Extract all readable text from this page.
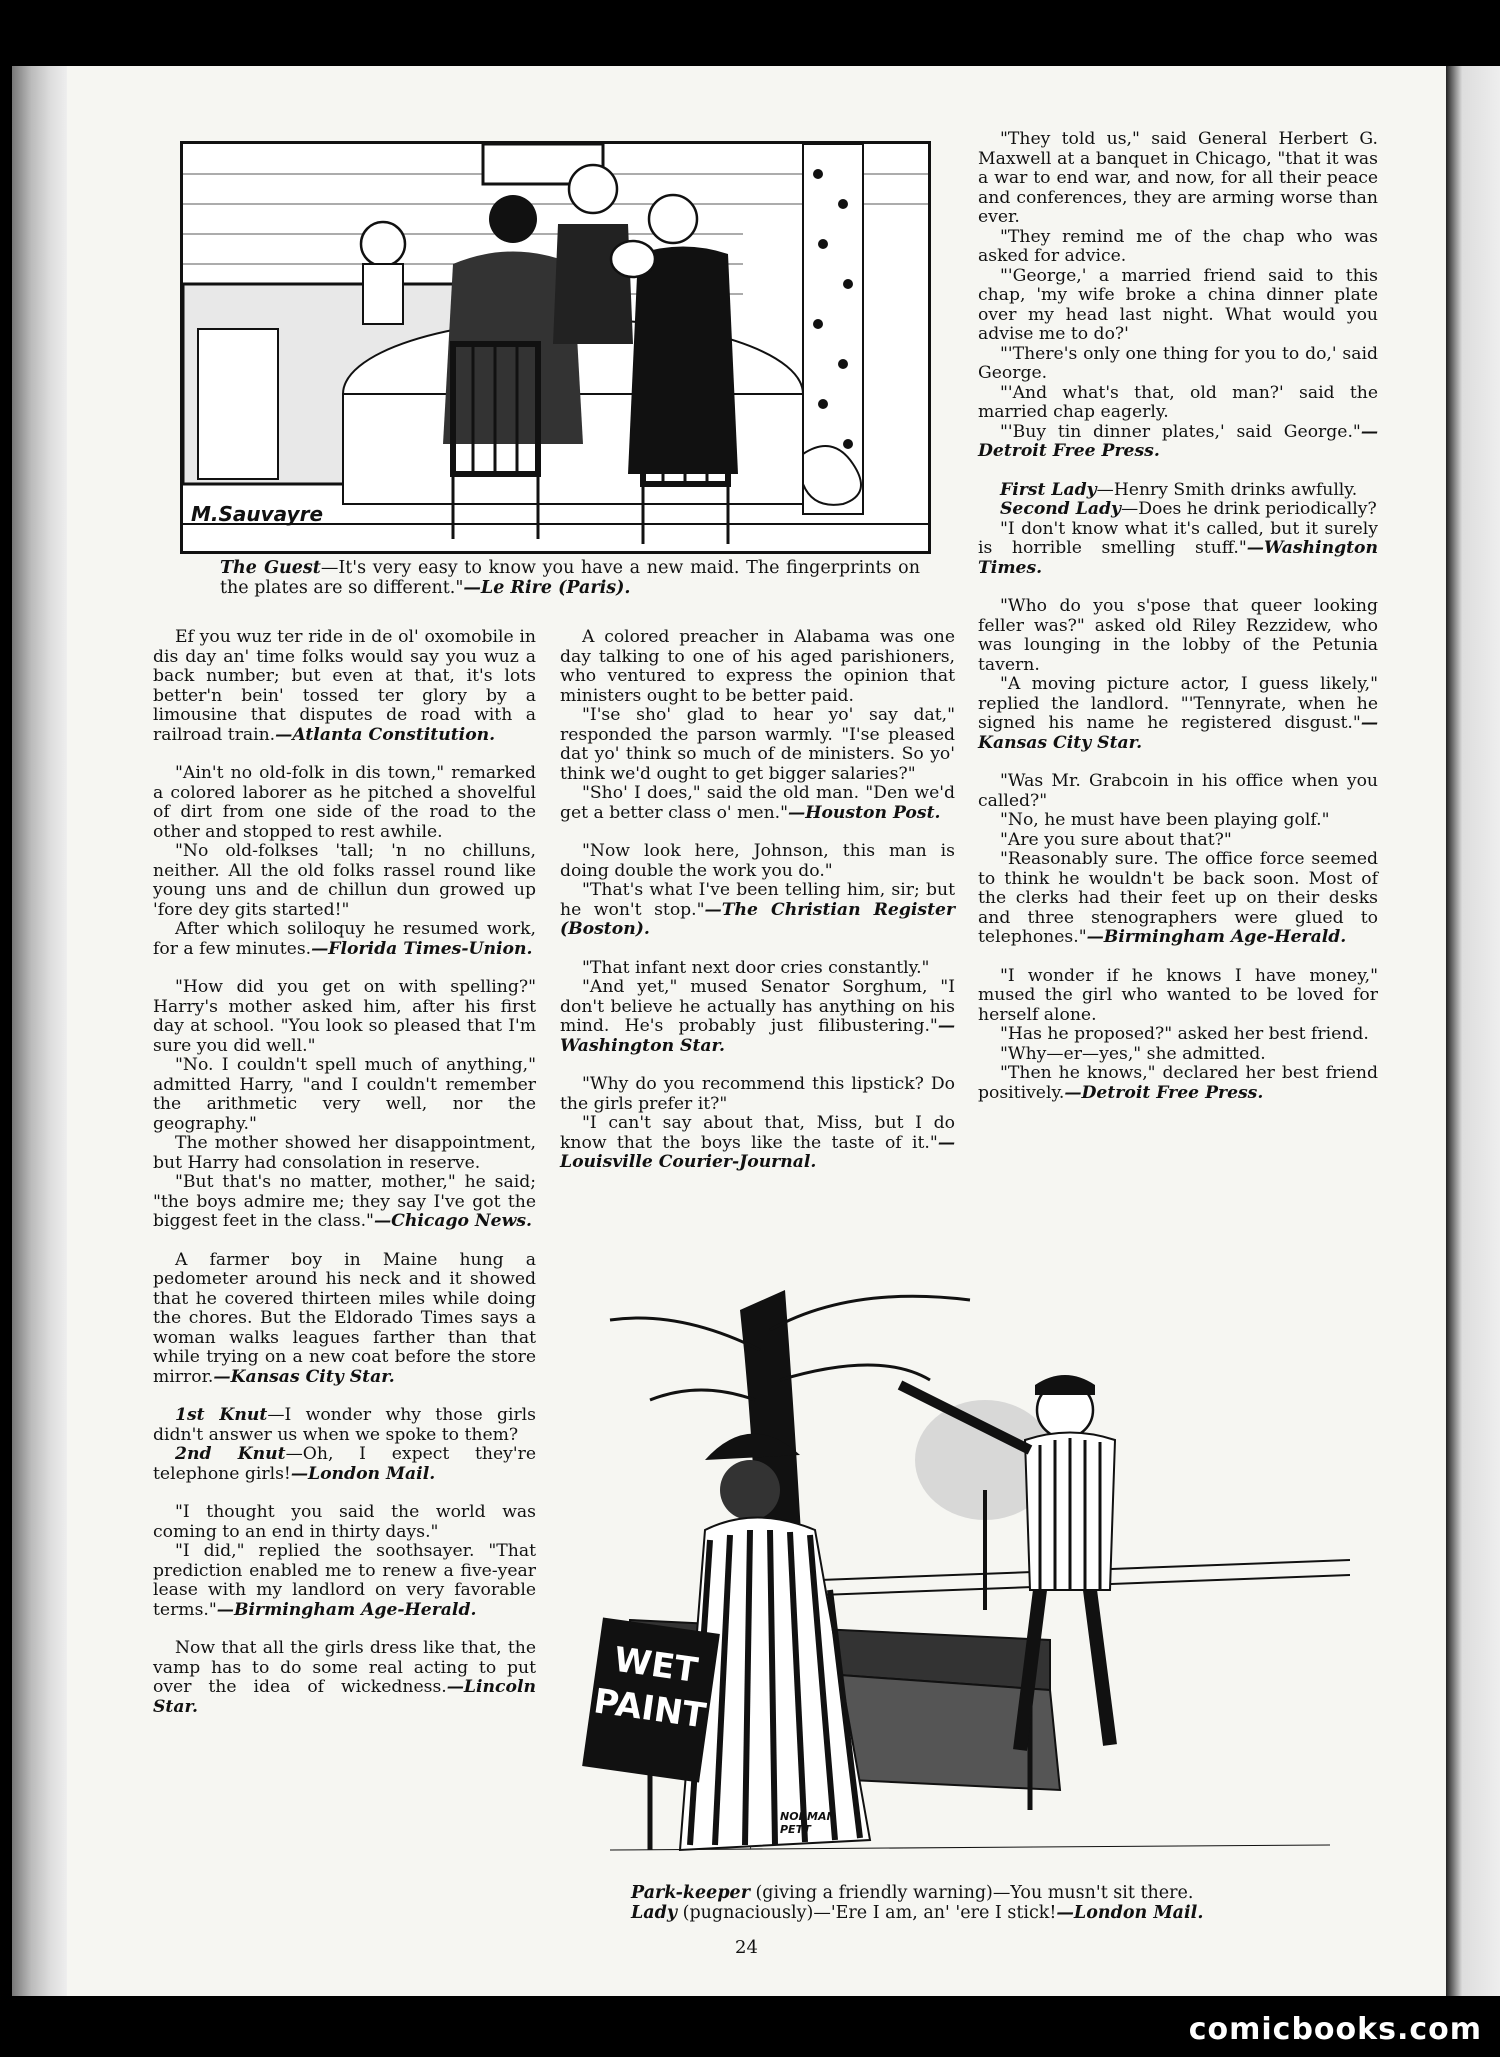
M.Sauvayre
The Guest—It's very easy to know you have a new maid. The fingerprints on the plates are so different."—Le Rire (Paris).

Ef you wuz ter ride in de ol' oxomobile in dis day an' time folks would say you wuz a back number; but even at that, it's lots better'n bein' tossed ter glory by a limousine that disputes de road with a railroad train.—Atlanta Constitution.

"Ain't no old-folk in dis town," remarked a colored laborer as he pitched a shovelful of dirt from one side of the road to the other and stopped to rest awhile.

"No old-folkses 'tall; 'n no chilluns, neither. All the old folks rassel round like young uns and de chillun dun growed up 'fore dey gits started!"

After which soliloquy he resumed work, for a few minutes.—Florida Times-Union.

"How did you get on with spelling?" Harry's mother asked him, after his first day at school. "You look so pleased that I'm sure you did well."

"No. I couldn't spell much of anything," admitted Harry, "and I couldn't remember the arithmetic very well, nor the geography."

The mother showed her disappointment, but Harry had consolation in reserve.

"But that's no matter, mother," he said; "the boys admire me; they say I've got the biggest feet in the class."—Chicago News.

A farmer boy in Maine hung a pedometer around his neck and it showed that he covered thirteen miles while doing the chores. But the Eldorado Times says a woman walks leagues farther than that while trying on a new coat before the store mirror.—Kansas City Star.

1st Knut—I wonder why those girls didn't answer us when we spoke to them?

2nd Knut—Oh, I expect they're telephone girls!—London Mail.

"I thought you said the world was coming to an end in thirty days."

"I did," replied the soothsayer. "That prediction enabled me to renew a five-year lease with my landlord on very favorable terms."—Birmingham Age-Herald.

Now that all the girls dress like that, the vamp has to do some real acting to put over the idea of wickedness.—Lincoln Star.

A colored preacher in Alabama was one day talking to one of his aged parishioners, who ventured to express the opinion that ministers ought to be better paid.

"I'se sho' glad to hear yo' say dat," responded the parson warmly. "I'se pleased dat yo' think so much of de ministers. So yo' think we'd ought to get bigger salaries?"

"Sho' I does," said the old man. "Den we'd get a better class o' men."—Houston Post.

"Now look here, Johnson, this man is doing double the work you do."

"That's what I've been telling him, sir; but he won't stop."—The Christian Register (Boston).

"That infant next door cries constantly."

"And yet," mused Senator Sorghum, "I don't believe he actually has anything on his mind. He's probably just filibustering."—Washington Star.

"Why do you recommend this lipstick? Do the girls prefer it?"

"I can't say about that, Miss, but I do know that the boys like the taste of it."—Louisville Courier-Journal.

"They told us," said General Herbert G. Maxwell at a banquet in Chicago, "that it was a war to end war, and now, for all their peace and conferences, they are arming worse than ever.

"They remind me of the chap who was asked for advice.

"'George,' a married friend said to this chap, 'my wife broke a china dinner plate over my head last night. What would you advise me to do?'

"'There's only one thing for you to do,' said George.

"'And what's that, old man?' said the married chap eagerly.

"'Buy tin dinner plates,' said George."—Detroit Free Press.

First Lady—Henry Smith drinks awfully.

Second Lady—Does he drink periodically?

"I don't know what it's called, but it surely is horrible smelling stuff."—Washington Times.

"Who do you s'pose that queer looking feller was?" asked old Riley Rezzidew, who was lounging in the lobby of the Petunia tavern.

"A moving picture actor, I guess likely," replied the landlord. "'Tennyrate, when he signed his name he registered disgust."—Kansas City Star.

"Was Mr. Grabcoin in his office when you called?"

"No, he must have been playing golf."

"Are you sure about that?"

"Reasonably sure. The office force seemed to think he wouldn't be back soon. Most of the clerks had their feet up on their desks and three stenographers were glued to telephones."—Birmingham Age-Herald.

"I wonder if he knows I have money," mused the girl who wanted to be loved for herself alone.

"Has he proposed?" asked her best friend.

"Why—er—yes," she admitted.

"Then he knows," declared her best friend positively.—Detroit Free Press.

WET PAINT
NORMAN PETT
Park-keeper (giving a friendly warning)—You musn't sit there.
Lady (pugnaciously)—'Ere I am, an' 'ere I stick!—London Mail.
24
comicbooks.com
